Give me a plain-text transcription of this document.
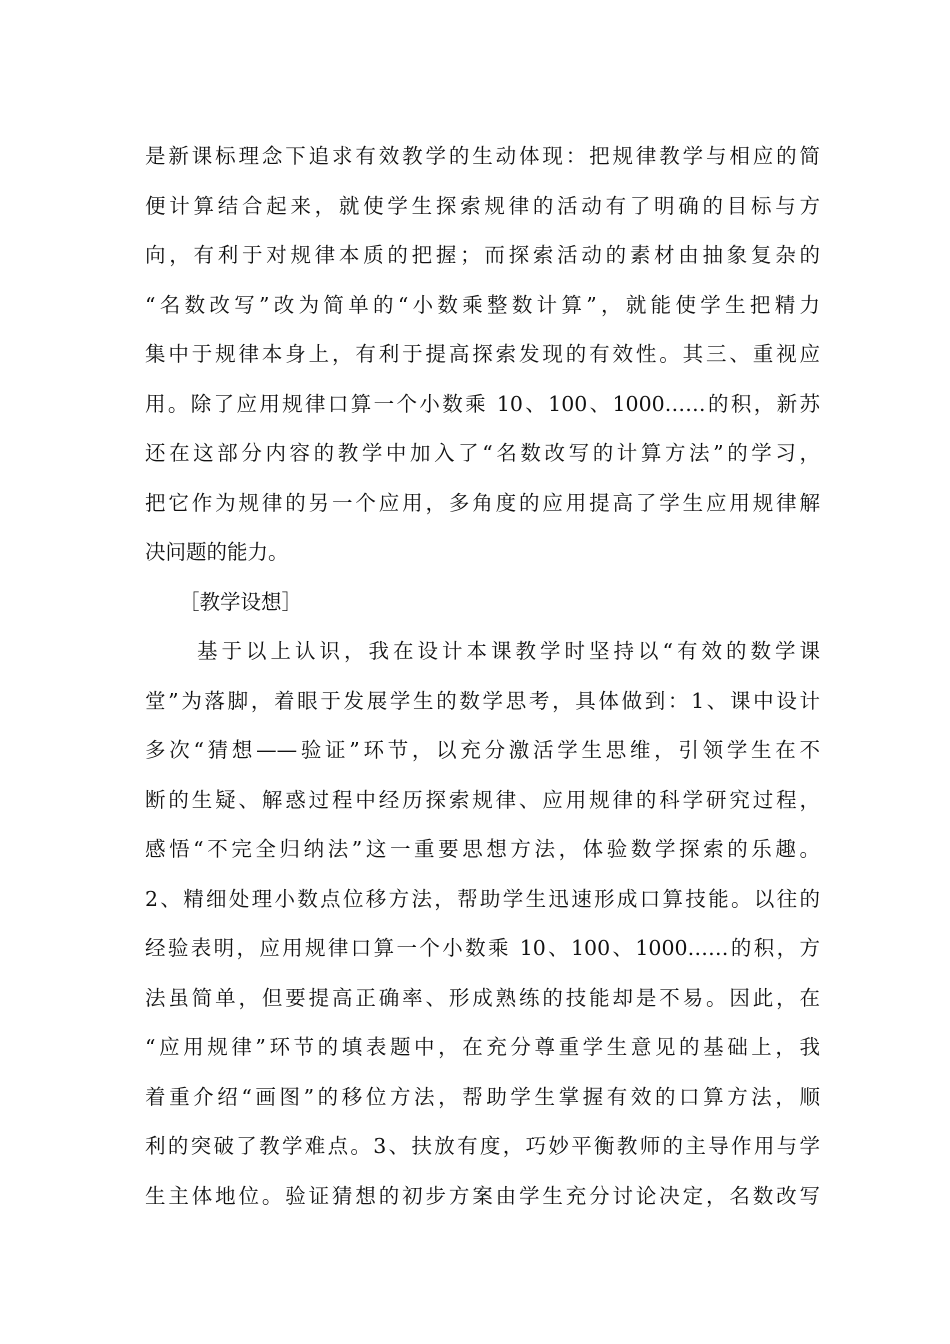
是新课标理念下追求有效教学的生动体现：把规律教学与相应的简
便计算结合起来，就使学生探索规律的活动有了明确的目标与方
向，有利于对规律本质的把握；而探索活动的素材由抽象复杂的
“名数改写”改为简单的“小数乘整数计算”，就能使学生把精力
集中于规律本身上，有利于提高探索发现的有效性。其三、重视应
用。除了应用规律口算一个小数乘 10、100、1000……的积，新苏
还在这部分内容的教学中加入了“名数改写的计算方法”的学习，
把它作为规律的另一个应用，多角度的应用提高了学生应用规律解
决问题的能力。
［教学设想］
基于以上认识，我在设计本课教学时坚持以“有效的数学课
堂”为落脚，着眼于发展学生的数学思考，具体做到：1、课中设计
多次“猜想——验证”环节，以充分激活学生思维，引领学生在不
断的生疑、解惑过程中经历探索规律、应用规律的科学研究过程，
感悟“不完全归纳法”这一重要思想方法，体验数学探索的乐趣。
2、精细处理小数点位移方法，帮助学生迅速形成口算技能。以往的
经验表明，应用规律口算一个小数乘 10、100、1000……的积，方
法虽简单，但要提高正确率、形成熟练的技能却是不易。因此，在
“应用规律”环节的填表题中，在充分尊重学生意见的基础上，我
着重介绍“画图”的移位方法，帮助学生掌握有效的口算方法，顺
利的突破了教学难点。3、扶放有度，巧妙平衡教师的主导作用与学
生主体地位。验证猜想的初步方案由学生充分讨论决定，名数改写
